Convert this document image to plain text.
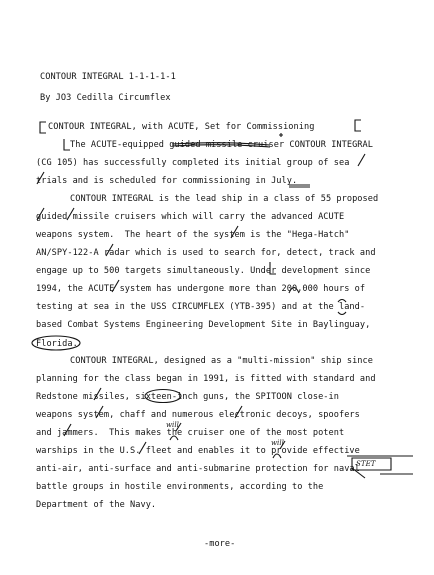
CONTOUR INTEGRAL 1-1-1-1-1
By JO3 Cedilla Circumflex
CONTOUR INTEGRAL, with ACUTE, Set for Commissioning
The ACUTE-equipped guided missile cruiser CONTOUR INTEGRAL
(CG 105) has successfully completed its initial group of sea
trials and is scheduled for commissioning in July.
CONTOUR INTEGRAL is the lead ship in a class of 55 proposed
guided missile cruisers which will carry the advanced ACUTE
weapons system.  The heart of the system is the "Hega-Hatch"
AN/SPY-122-A radar which is used to search for, detect, track and
engage up to 500 targets simultaneously. Under development since
1994, the ACUTE system has undergone more than 200,000 hours of
testing at sea in the USS CIRCUMFLEX (YTB-395) and at the land-
based Combat Systems Engineering Development Site in Baylinguay,
Florida.
CONTOUR INTEGRAL, designed as a "multi-mission" ship since
planning for the class began in 1991, is fitted with standard and
Redstone missiles, sixteen-inch guns, the SPITOON close-in
weapons system, chaff and numerous electronic decoys, spoofers
and jammers.  This makes the cruiser one of the most potent
warships in the U.S. fleet and enables it to provide effective
anti-air, anti-surface and anti-submarine protection for naval
battle groups in hostile environments, according to the
Department of the Navy.
-more-
will
will
STET
